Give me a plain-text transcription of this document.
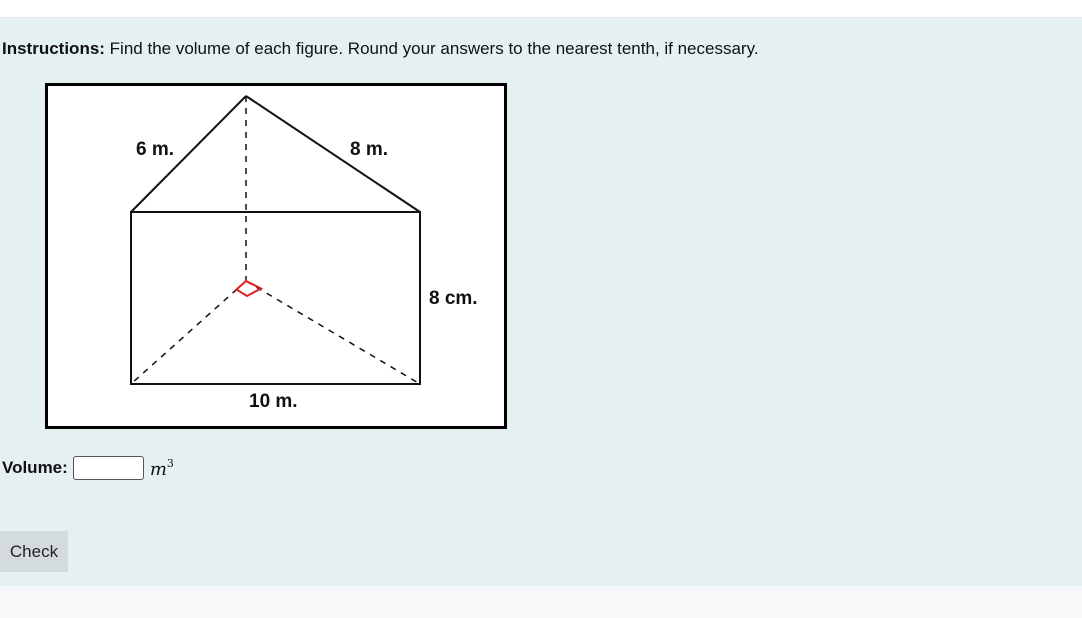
Instructions: Find the volume of each figure. Round your answers to the nearest tenth, if necessary.
6 m.	8 m.
8 cm.
10 m.
Volume:	$m^3$
Check
